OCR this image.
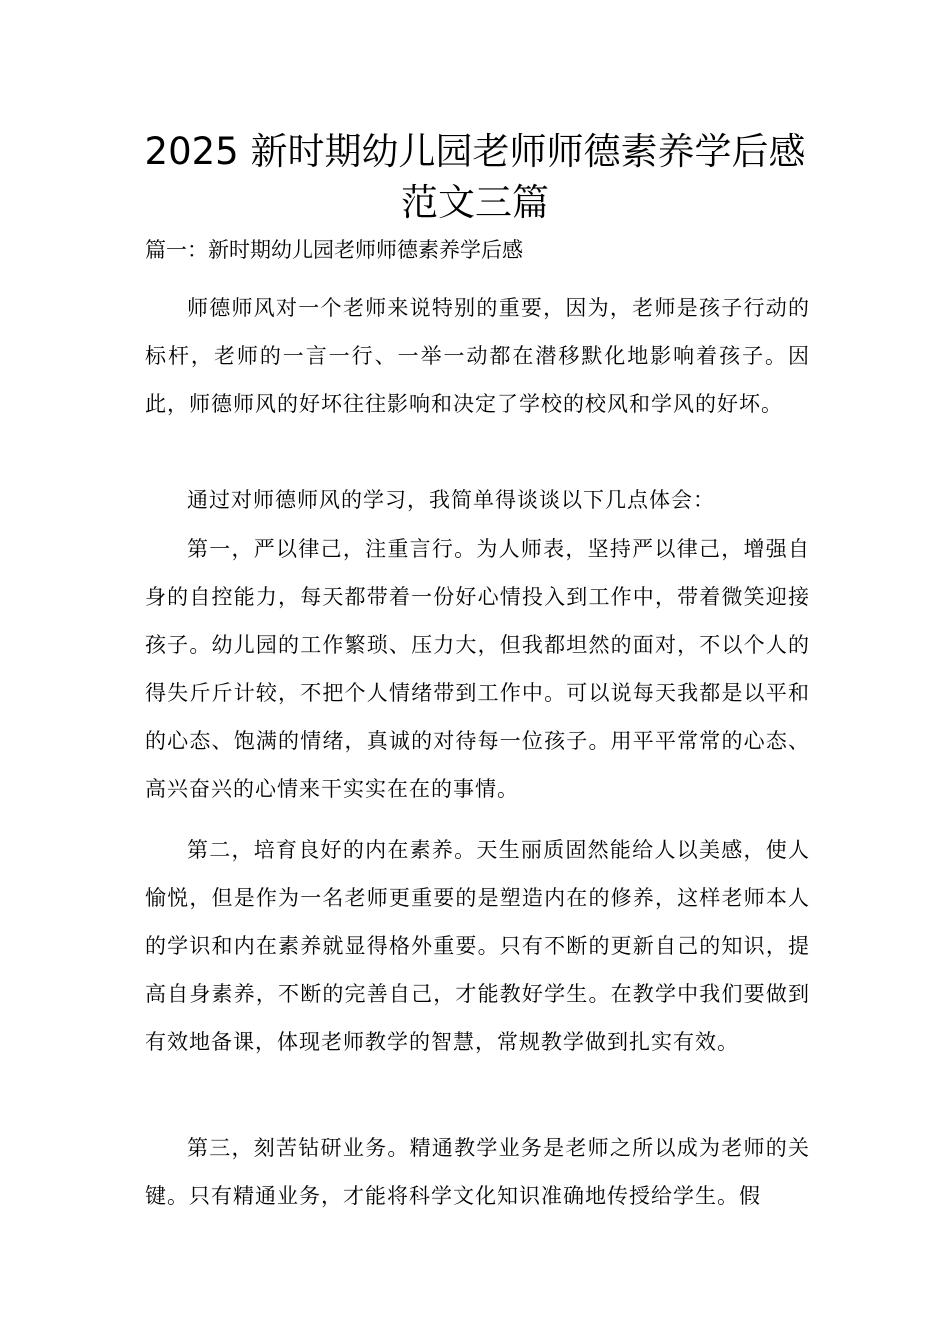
2025 新时期幼儿园老师师德素养学后感
范文三篇

篇一：新时期幼儿园老师师德素养学后感

师德师风对一个老师来说特别的重要，因为，老师是孩子行动的标杆，老师的一言一行、一举一动都在潜移默化地影响着孩子。因此，师德师风的好坏往往影响和决定了学校的校风和学风的好坏。

通过对师德师风的学习，我简单得谈谈以下几点体会：

第一，严以律己，注重言行。为人师表，坚持严以律己，增强自身的自控能力，每天都带着一份好心情投入到工作中，带着微笑迎接孩子。幼儿园的工作繁琐、压力大，但我都坦然的面对，不以个人的得失斤斤计较，不把个人情绪带到工作中。可以说每天我都是以平和的心态、饱满的情绪，真诚的对待每一位孩子。用平平常常的心态、高兴奋兴的心情来干实实在在的事情。

第二，培育良好的内在素养。天生丽质固然能给人以美感，使人愉悦，但是作为一名老师更重要的是塑造内在的修养，这样老师本人的学识和内在素养就显得格外重要。只有不断的更新自己的知识，提高自身素养，不断的完善自己，才能教好学生。在教学中我们要做到有效地备课，体现老师教学的智慧，常规教学做到扎实有效。

第三，刻苦钻研业务。精通教学业务是老师之所以成为老师的关键。只有精通业务，才能将科学文化知识准确地传授给学生。假
